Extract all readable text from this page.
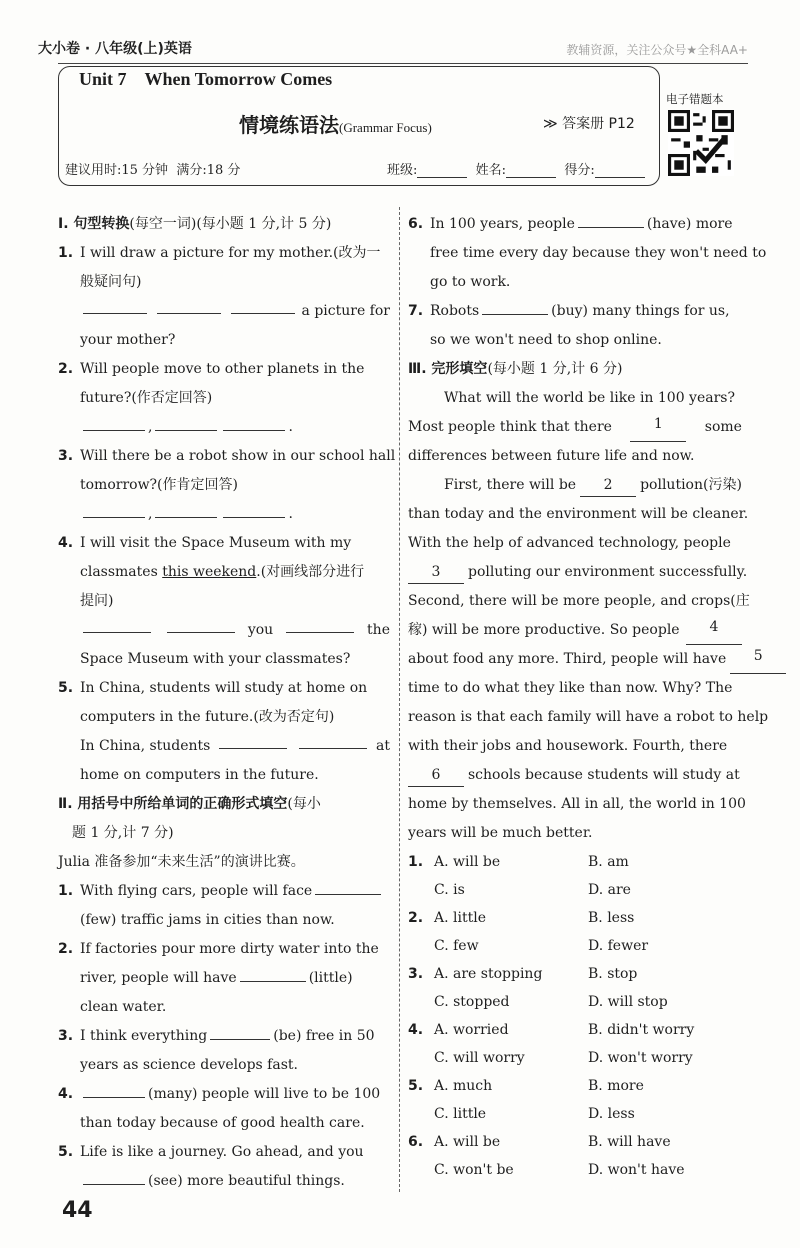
大小卷 · 八年级(上)英语	教辅资源，关注公众号★全科AA+
Unit 7 When Tomorrow Comes
情境练语法(Grammar Focus)	≫ 答案册 P12
建议用时:15 分钟 满分:18 分	班级:	姓名:	得分:
电子错题本
Ⅰ. 句型转换(每空一词)(每小题 1 分,计 5 分)
1. I will draw a picture for my mother.(改为一
般疑问句)
a picture for
your mother?
2. Will people move to other planets in the
future?(作否定回答)
,	.
3. Will there be a robot show in our school hall
tomorrow?(作肯定回答)
,	.
4. I will visit the Space Museum with my
classmates this weekend.(对画线部分进行
提问)
you	the
Space Museum with your classmates?
5. In China, students will study at home on
computers in the future.(改为否定句)
In China, students	at
home on computers in the future.
Ⅱ. 用括号中所给单词的正确形式填空(每小
题 1 分,计 7 分)
Julia 准备参加“未来生活”的演讲比赛。
1. With flying cars, people will face
(few) traffic jams in cities than now.
2. If factories pour more dirty water into the
river, people will have	(little)
clean water.
3. I think everything	(be) free in 50
years as science develops fast.
4.	(many) people will live to be 100
than today because of good health care.
5. Life is like a journey. Go ahead, and you
(see) more beautiful things.
6. In 100 years, people	(have) more
free time every day because they won't need to
go to work.
7. Robots	(buy) many things for us,
so we won't need to shop online.
Ⅲ. 完形填空(每小题 1 分,计 6 分)
What will the world be like in 100 years?
Most people think that there	1	some
differences between future life and now.
First, there will be 2 pollution(污染)
than today and the environment will be cleaner.
With the help of advanced technology, people
3 polluting our environment successfully.
Second, there will be more people, and crops(庄
稼) will be more productive. So people	4
about food any more. Third, people will have	5
time to do what they like than now. Why? The
reason is that each family will have a robot to help
with their jobs and housework. Fourth, there
6 schools because students will study at
home by themselves. All in all, the world in 100
years will be much better.
1. A. will be	B. am
C. is	D. are
2. A. little	B. less
C. few	D. fewer
3. A. are stopping	B. stop
C. stopped	D. will stop
4. A. worried	B. didn't worry
C. will worry	D. won't worry
5. A. much	B. more
C. little	D. less
6. A. will be	B. will have
C. won't be	D. won't have
44
